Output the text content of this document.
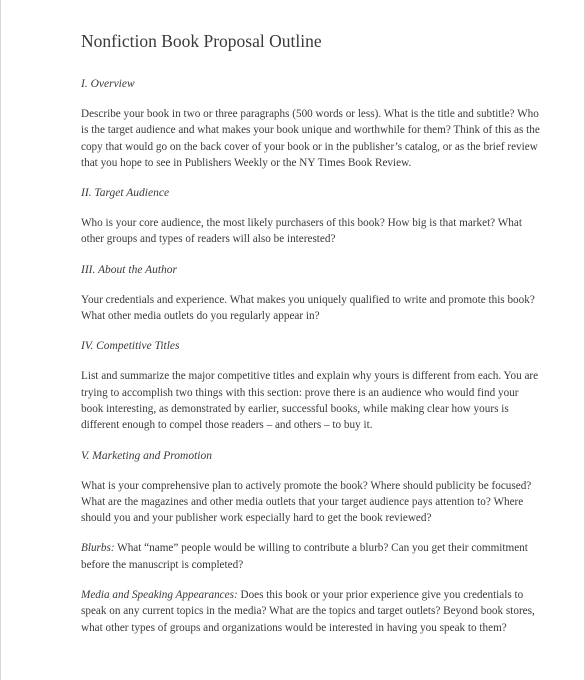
Nonfiction Book Proposal Outline
I. Overview
Describe your book in two or three paragraphs (500 words or less). What is the title and subtitle? Who is the target audience and what makes your book unique and worthwhile for them? Think of this as the copy that would go on the back cover of your book or in the publisher’s catalog, or as the brief review that you hope to see in Publishers Weekly or the NY Times Book Review.
II. Target Audience
Who is your core audience, the most likely purchasers of this book? How big is that market? What other groups and types of readers will also be interested?
III. About the Author
Your credentials and experience. What makes you uniquely qualified to write and promote this book? What other media outlets do you regularly appear in?
IV. Competitive Titles
List and summarize the major competitive titles and explain why yours is different from each. You are trying to accomplish two things with this section: prove there is an audience who would find your book interesting, as demonstrated by earlier, successful books, while making clear how yours is different enough to compel those readers – and others – to buy it.
V. Marketing and Promotion
What is your comprehensive plan to actively promote the book? Where should publicity be focused? What are the magazines and other media outlets that your target audience pays attention to? Where should you and your publisher work especially hard to get the book reviewed?
Blurbs: What “name” people would be willing to contribute a blurb? Can you get their commitment before the manuscript is completed?
Media and Speaking Appearances: Does this book or your prior experience give you credentials to speak on any current topics in the media? What are the topics and target outlets? Beyond book stores, what other types of groups and organizations would be interested in having you speak to them?
